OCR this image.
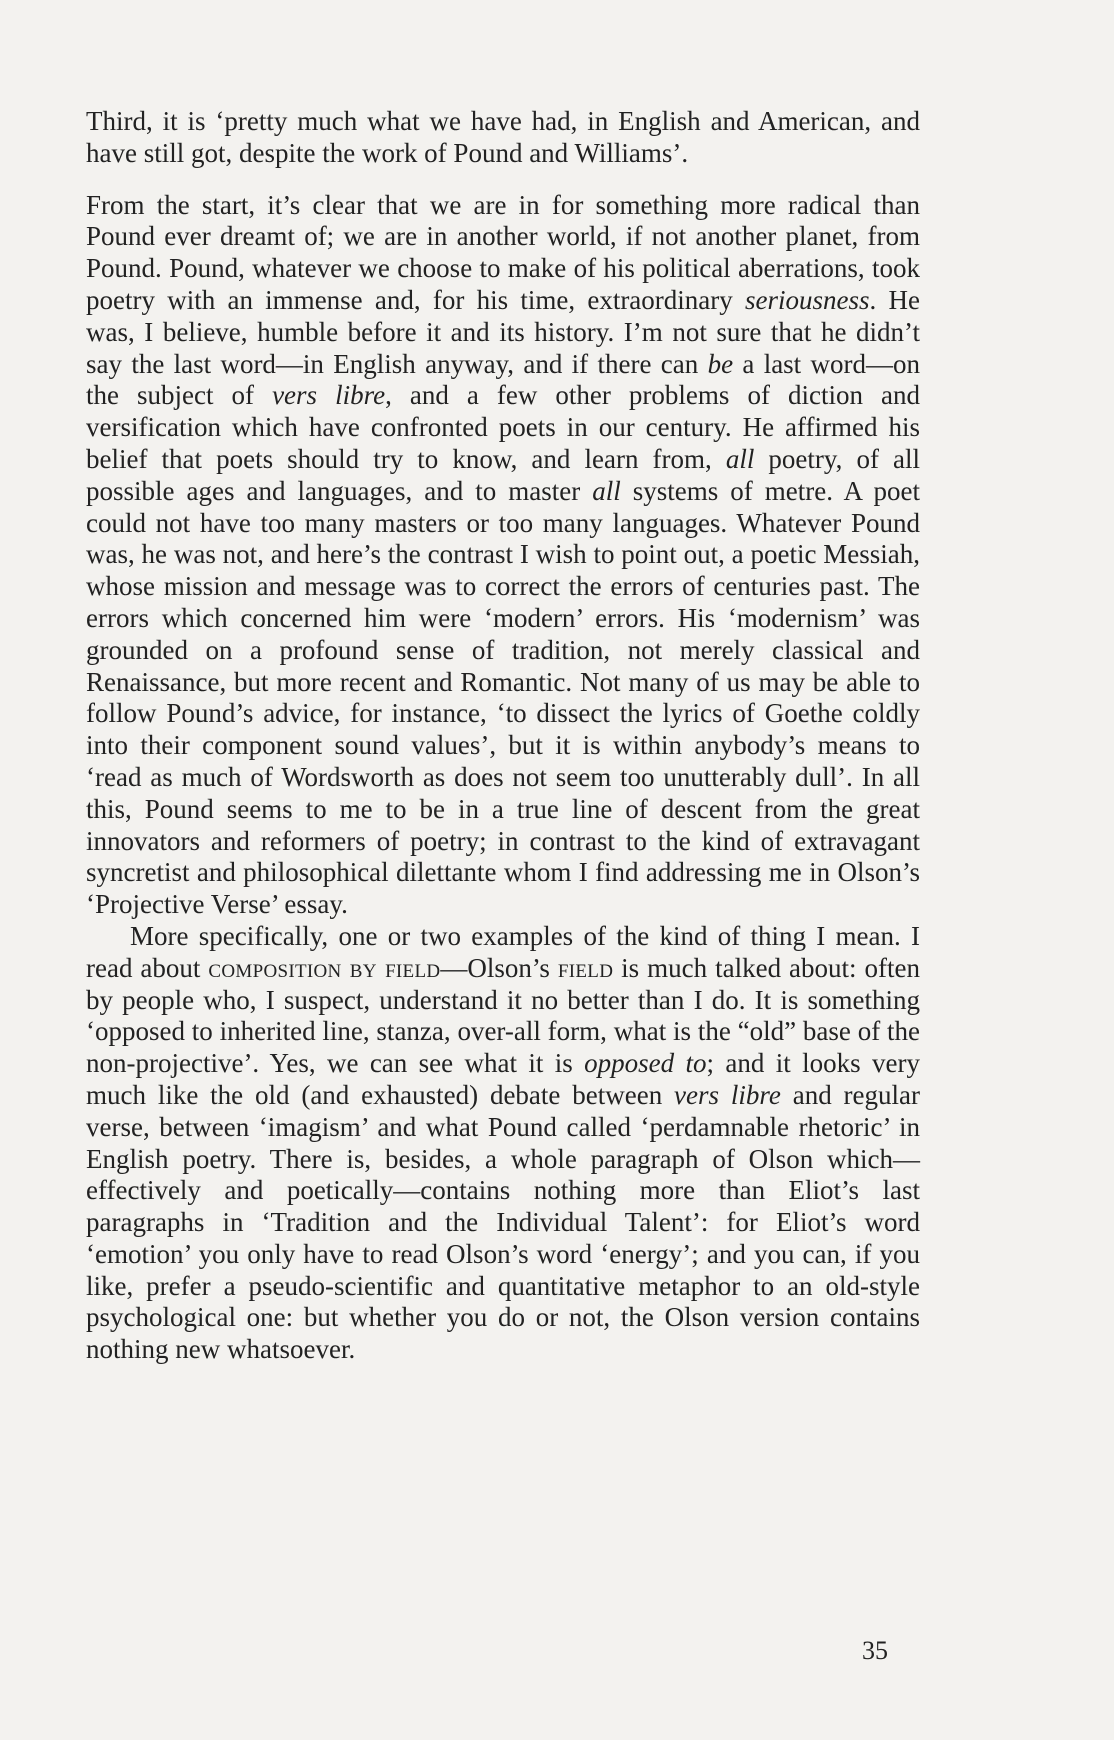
Third, it is ‘pretty much what we have had, in English and American, and have still got, despite the work of Pound and Williams’.

From the start, it’s clear that we are in for something more radical than Pound ever dreamt of; we are in another world, if not another planet, from Pound. Pound, whatever we choose to make of his political aberrations, took poetry with an immense and, for his time, extraordinary seriousness. He was, I believe, humble before it and its history. I’m not sure that he didn’t say the last word—in English anyway, and if there can be a last word—on the subject of vers libre, and a few other problems of diction and versification which have confronted poets in our century. He affirmed his belief that poets should try to know, and learn from, all poetry, of all possible ages and languages, and to master all systems of metre. A poet could not have too many masters or too many languages. Whatever Pound was, he was not, and here’s the contrast I wish to point out, a poetic Messiah, whose mission and message was to correct the errors of centuries past. The errors which concerned him were ‘modern’ errors. His ‘modernism’ was grounded on a profound sense of tradition, not merely classical and Renaissance, but more recent and Romantic. Not many of us may be able to follow Pound’s advice, for instance, ‘to dissect the lyrics of Goethe coldly into their component sound values’, but it is within anybody’s means to ‘read as much of Wordsworth as does not seem too unutterably dull’. In all this, Pound seems to me to be in a true line of descent from the great innovators and reformers of poetry; in contrast to the kind of extravagant syncretist and philosophical dilettante whom I find addressing me in Olson’s ‘Projective Verse’ essay.

More specifically, one or two examples of the kind of thing I mean. I read about composition by field—Olson’s field is much talked about: often by people who, I suspect, understand it no better than I do. It is something ‘opposed to inherited line, stanza, over-all form, what is the “old” base of the non-projective’. Yes, we can see what it is opposed to; and it looks very much like the old (and exhausted) debate between vers libre and regular verse, between ‘imagism’ and what Pound called ‘perdamnable rhetoric’ in English poetry. There is, besides, a whole paragraph of Olson which—effectively and poetically—contains nothing more than Eliot’s last paragraphs in ‘Tradition and the Individual Talent’: for Eliot’s word ‘emotion’ you only have to read Olson’s word ‘energy’; and you can, if you like, prefer a pseudo-scientific and quantitative metaphor to an old-style psychological one: but whether you do or not, the Olson version contains nothing new whatsoever.

35
